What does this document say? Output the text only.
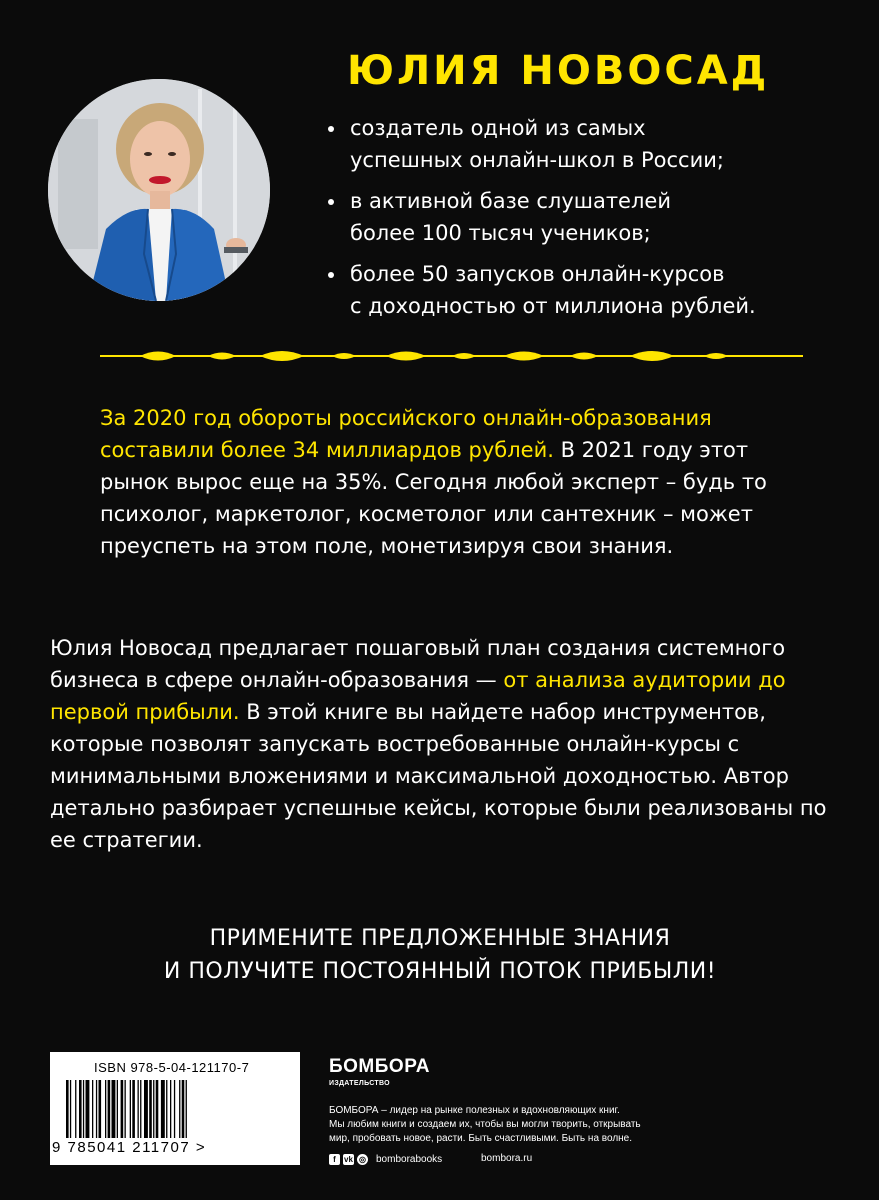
ЮЛИЯ НОВОСАД
создатель одной из самых
успешных онлайн-школ в России;
в активной базе слушателей
более 100 тысяч учеников;
более 50 запусков онлайн-курсов
с доходностью от миллиона рублей.

За 2020 год обороты российского онлайн-образования составили более 34 миллиардов рублей. В 2021 году этот рынок вырос еще на 35%. Сегодня любой эксперт – будь то психолог, маркетолог, косметолог или сантехник – может преуспеть на этом поле, монетизируя свои знания.

Юлия Новосад предлагает пошаговый план создания системного бизнеса в сфере онлайн-образования — от анализа аудитории до первой прибыли. В этой книге вы найдете набор инструментов, которые позволят запускать востребованные онлайн-курсы с минимальными вложениями и максимальной доходностью. Автор детально разбирает успешные кейсы, которые были реализованы по ее стратегии.

ПРИМЕНИТЕ ПРЕДЛОЖЕННЫЕ ЗНАНИЯ
И ПОЛУЧИТЕ ПОСТОЯННЫЙ ПОТОК ПРИБЫЛИ!
ISBN 978-5-04-121170-7
9 785041 211707 >
БОМБОРА
ИЗДАТЕЛЬСТВО
БОМБОРА – лидер на рынке полезных и вдохновляющих книг.
Мы любим книги и создаем их, чтобы вы могли творить, открывать
мир, пробовать новое, расти. Быть счастливыми. Быть на волне.
f	vk ◎ bomborabooks	bombora.ru
